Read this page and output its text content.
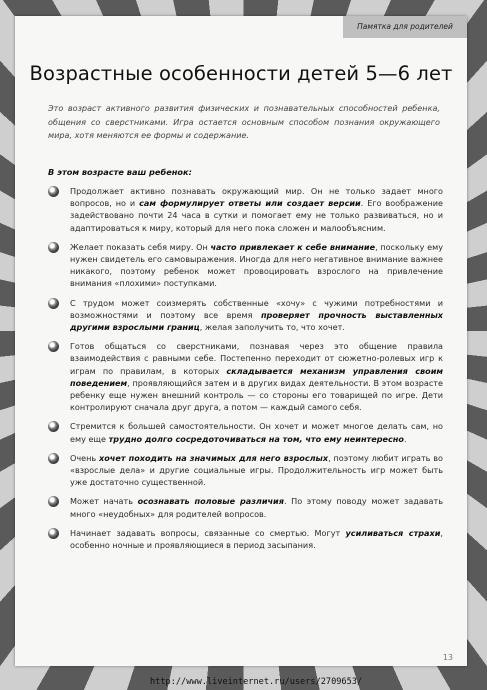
Памятка для родителей
Возрастные особенности детей 5—6 лет
Это возраст активного развития физических и познавательных способностей ребенка, общения со сверстниками. Игра остается основным способом познания окружающего мира, хотя меняются ее формы и содержание.
В этом возрасте ваш ребенок:
Продолжает активно познавать окружающий мир. Он не только задает много вопросов, но и сам формулирует ответы или создает версии. Его воображение задействовано почти 24 часа в сутки и помогает ему не только развиваться, но и адаптироваться к миру, который для него пока сложен и малообъясним.
Желает показать себя миру. Он часто привлекает к себе внимание, поскольку ему нужен свидетель его самовыражения. Иногда для него негативное внимание важнее никакого, поэтому ребенок может провоцировать взрослого на привлечение внимания «плохими» поступками.
С трудом может соизмерять собственные «хочу» с чужими потребностями и возможностями и поэтому все время проверяет прочность выставленных другими взрослыми границ, желая заполучить то, что хочет.
Готов общаться со сверстниками, познавая через это общение правила взаимодействия с равными себе. Постепенно переходит от сюжетно-ролевых игр к играм по правилам, в которых складывается механизм управления своим поведением, проявляющийся затем и в других видах деятельности. В этом возрасте ребенку еще нужен внешний контроль — со стороны его товарищей по игре. Дети контролируют сначала друг друга, а потом — каждый самого себя.
Стремится к большей самостоятельности. Он хочет и может многое делать сам, но ему еще трудно долго сосредоточиваться на том, что ему неинтересно.
Очень хочет походить на значимых для него взрослых, поэтому любит играть во «взрослые дела» и другие социальные игры. Продолжительность игр может быть уже достаточно существенной.
Может начать осознавать половые различия. По этому поводу может задавать много «неудобных» для родителей вопросов.
Начинает задавать вопросы, связанные со смертью. Могут усиливаться страхи, особенно ночные и проявляющиеся в период засыпания.
13
http://www.liveinternet.ru/users/2709653/
